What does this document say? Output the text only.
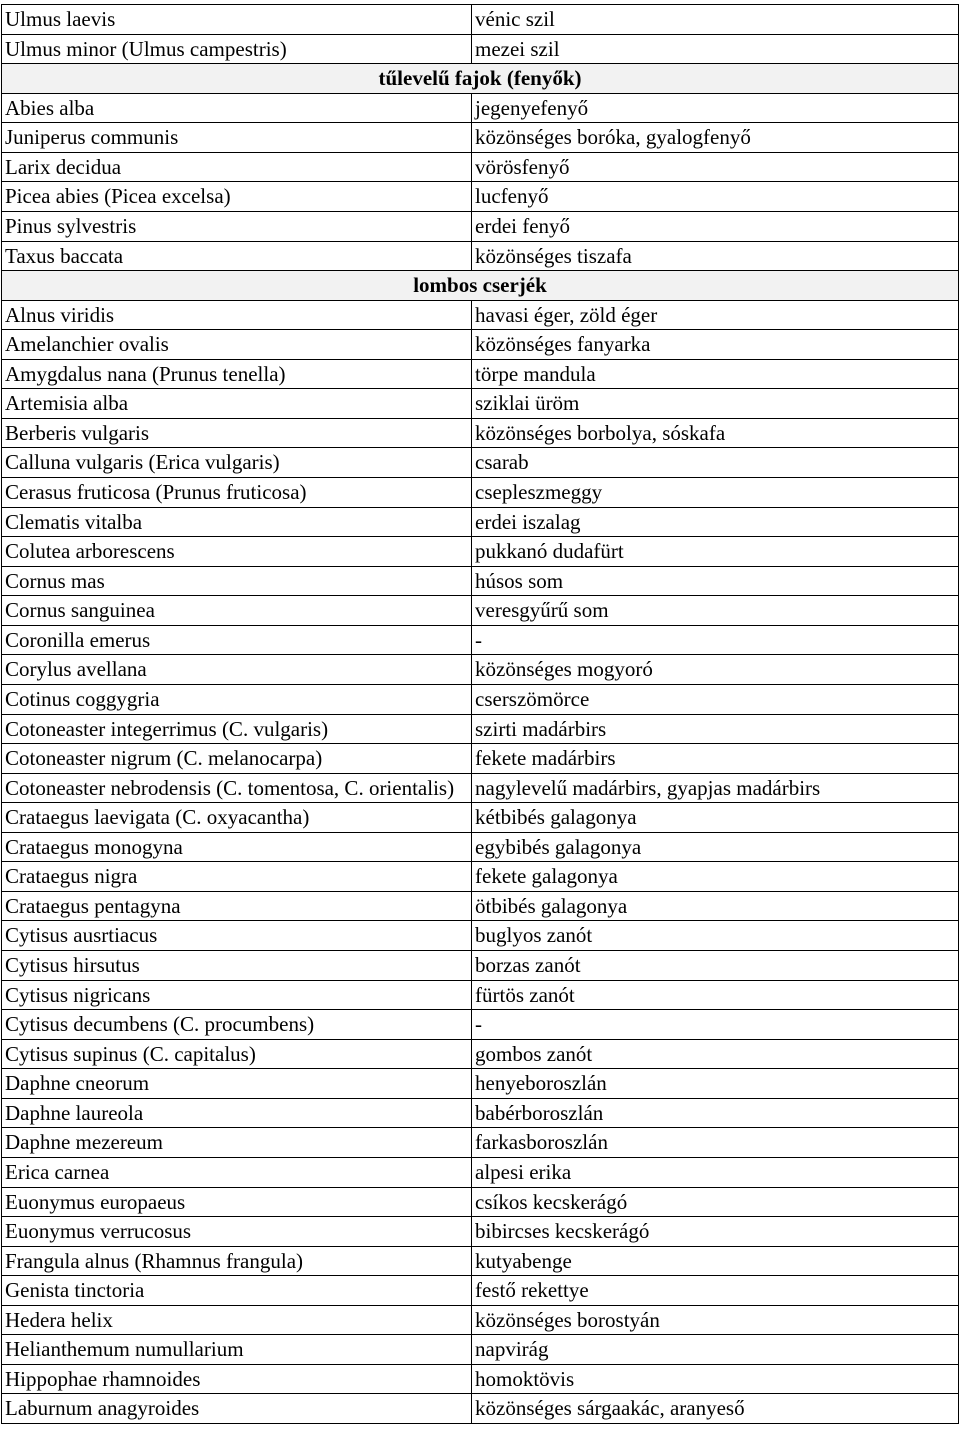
Ulmus laevis	vénic szil
Ulmus minor (Ulmus campestris)	mezei szil
tűlevelű fajok (fenyők)	
Abies alba	jegenyefenyő
Juniperus communis	közönséges boróka, gyalogfenyő
Larix decidua	vörösfenyő
Picea abies (Picea excelsa)	lucfenyő
Pinus sylvestris	erdei fenyő
Taxus baccata	közönséges tiszafa
lombos cserjék	
Alnus viridis	havasi éger, zöld éger
Amelanchier ovalis	közönséges fanyarka
Amygdalus nana (Prunus tenella)	törpe mandula
Artemisia alba	sziklai üröm
Berberis vulgaris	közönséges borbolya, sóskafa
Calluna vulgaris (Erica vulgaris)	csarab
Cerasus fruticosa (Prunus fruticosa)	csepleszmeggy
Clematis vitalba	erdei iszalag
Colutea arborescens	pukkanó dudafürt
Cornus mas	húsos som
Cornus sanguinea	veresgyűrű som
Coronilla emerus	-
Corylus avellana	közönséges mogyoró
Cotinus coggygria	cserszömörce
Cotoneaster integerrimus (C. vulgaris)	szirti madárbirs
Cotoneaster nigrum (C. melanocarpa)	fekete madárbirs
Cotoneaster nebrodensis (C. tomentosa, C. orientalis)	nagylevelű madárbirs, gyapjas madárbirs
Crataegus laevigata (C. oxyacantha)	kétbibés galagonya
Crataegus monogyna	egybibés galagonya
Crataegus nigra	fekete galagonya
Crataegus pentagyna	ötbibés galagonya
Cytisus ausrtiacus	buglyos zanót
Cytisus hirsutus	borzas zanót
Cytisus nigricans	fürtös zanót
Cytisus decumbens (C. procumbens)	-
Cytisus supinus (C. capitalus)	gombos zanót
Daphne cneorum	henyeboroszlán
Daphne laureola	babérboroszlán
Daphne mezereum	farkasboroszlán
Erica carnea	alpesi erika
Euonymus europaeus	csíkos kecskerágó
Euonymus verrucosus	bibircses kecskerágó
Frangula alnus (Rhamnus frangula)	kutyabenge
Genista tinctoria	festő rekettye
Hedera helix	közönséges borostyán
Helianthemum numullarium	napvirág
Hippophae rhamnoides	homoktövis
Laburnum anagyroides	közönséges sárgaakác, aranyeső
